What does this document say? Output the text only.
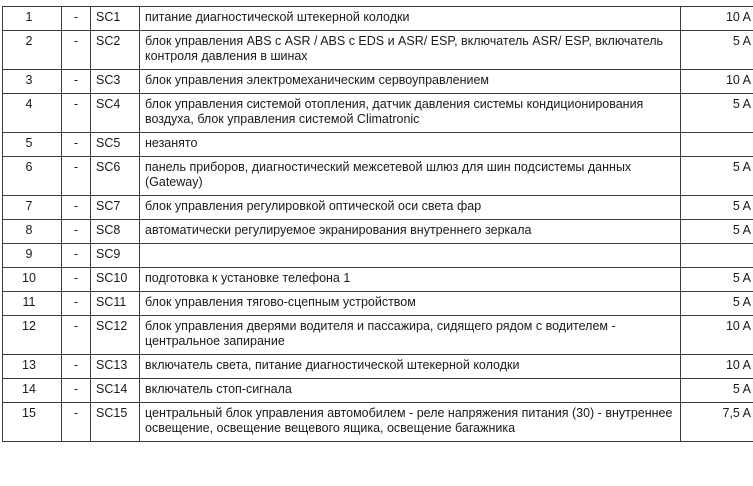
1	-	SC1	питание диагностической штекерной колодки	10 A
2	-	SC2	блок управления ABS с ASR / ABS с EDS и ASR/ ESP, включатель ASR/ ESP, включатель контроля давления в шинах	5 A
3	-	SC3	блок управления электромеханическим сервоуправлением	10 A
4	-	SC4	блок управления системой отопления, датчик давления системы кондиционирования воздуха, блок управления системой Climatronic	5 A
5	-	SC5	незанято	
6	-	SC6	панель приборов, диагностический межсетевой шлюз для шин подсистемы данных (Gateway)	5 A
7	-	SC7	блок управления регулировкой оптической оси света фар	5 A
8	-	SC8	автоматически регулируемое экранирования внутреннего зеркала	5 A
9	-	SC9		
10	-	SC10	подготовка к установке телефона 1	5 A
11	-	SC11	блок управления тягово-сцепным устройством	5 A
12	-	SC12	блок управления дверями водителя и пассажира, сидящего рядом с водителем - центральное запирание	10 A
13	-	SC13	включатель света, питание диагностической штекерной колодки	10 A
14	-	SC14	включатель стоп-сигнала	5 A
15	-	SC15	центральный блок управления автомобилем - реле напряжения питания (30) - внутреннее освещение, освещение вещевого ящика, освещение багажника	7,5 A
